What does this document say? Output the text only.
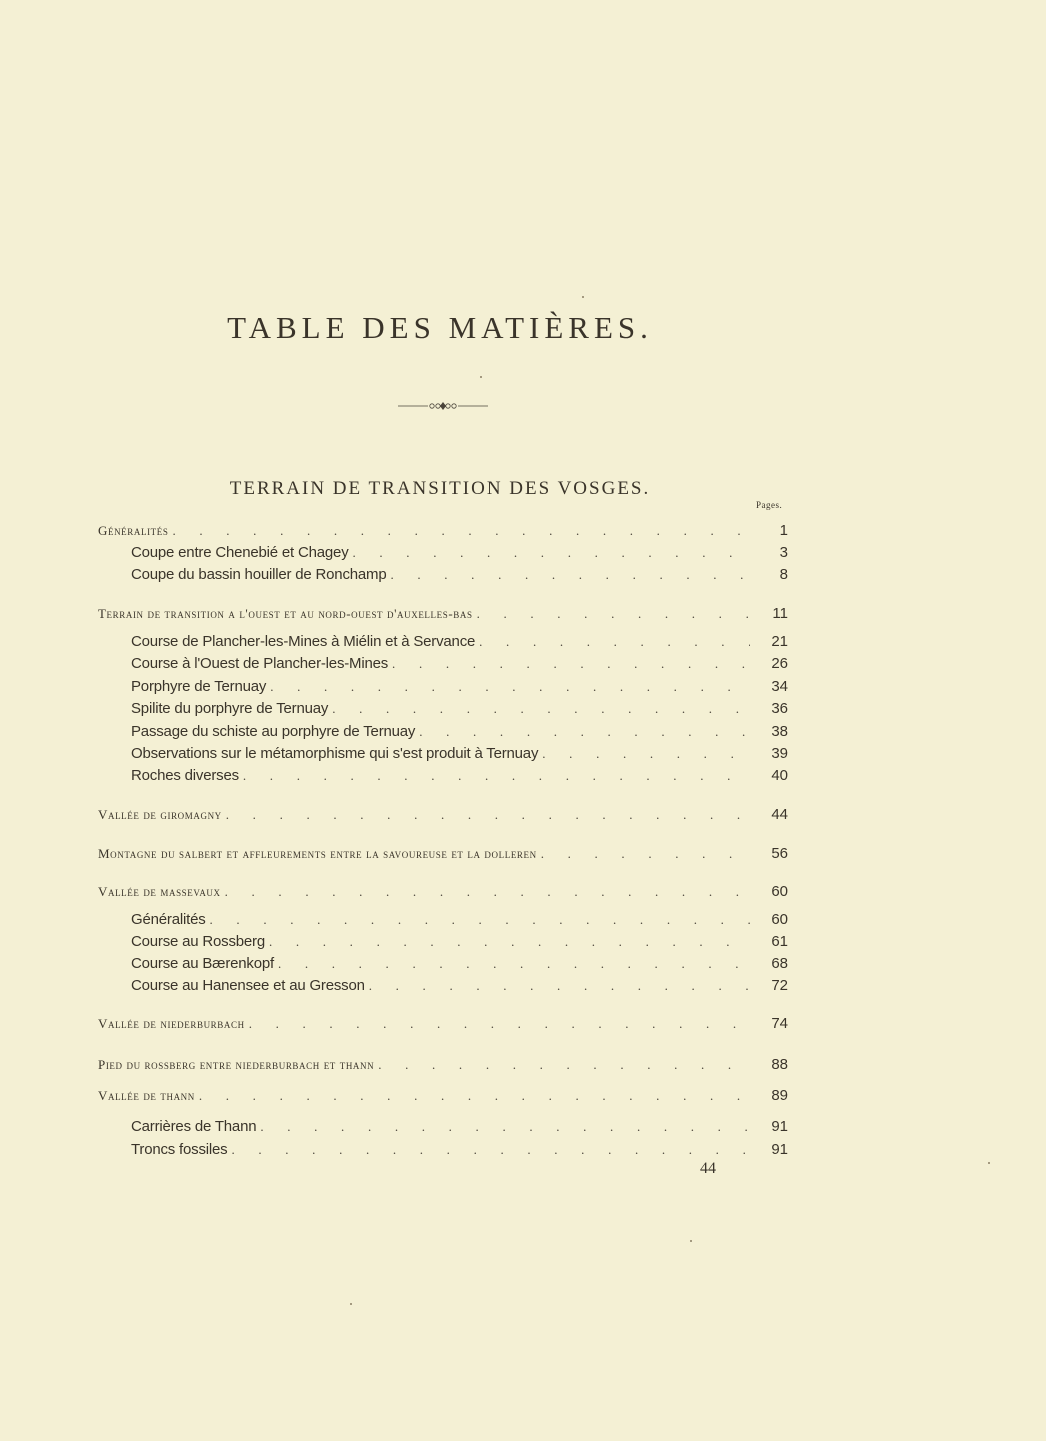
TABLE DES MATIÈRES.
TERRAIN DE TRANSITION DES VOSGES.
Pages.
Généralités . . .	1
Coupe entre Chenebié et Chagey . . .	3
Coupe du bassin houiller de Ronchamp . . .	8
Terrain de transition a l'ouest et au nord-ouest d'auxelles-bas . . .	11
Course de Plancher-les-Mines à Miélin et à Servance . . .	21
Course à l'Ouest de Plancher-les-Mines . . .	26
Porphyre de Ternuay . . .	34
Spilite du porphyre de Ternuay . . .	36
Passage du schiste au porphyre de Ternuay . . .	38
Observations sur le métamorphisme qui s'est produit à Ternuay . . .	39
Roches diverses . . .	40
Vallée de giromagny . . .	44
Montagne du salbert et affleurements entre la savoureuse et la dolleren . . .	56
Vallée de massevaux . . .	60
Généralités . . .	60
Course au Rossberg . . .	61
Course au Bærenkopf . . .	68
Course au Hanensee et au Gresson . . .	72
Vallée de niederburbach . . .	74
Pied du rossberg entre niederburbach et thann . . .	88
Vallée de thann . . .	89
Carrières de Thann . . .	91
Troncs fossiles . . .	91
44
